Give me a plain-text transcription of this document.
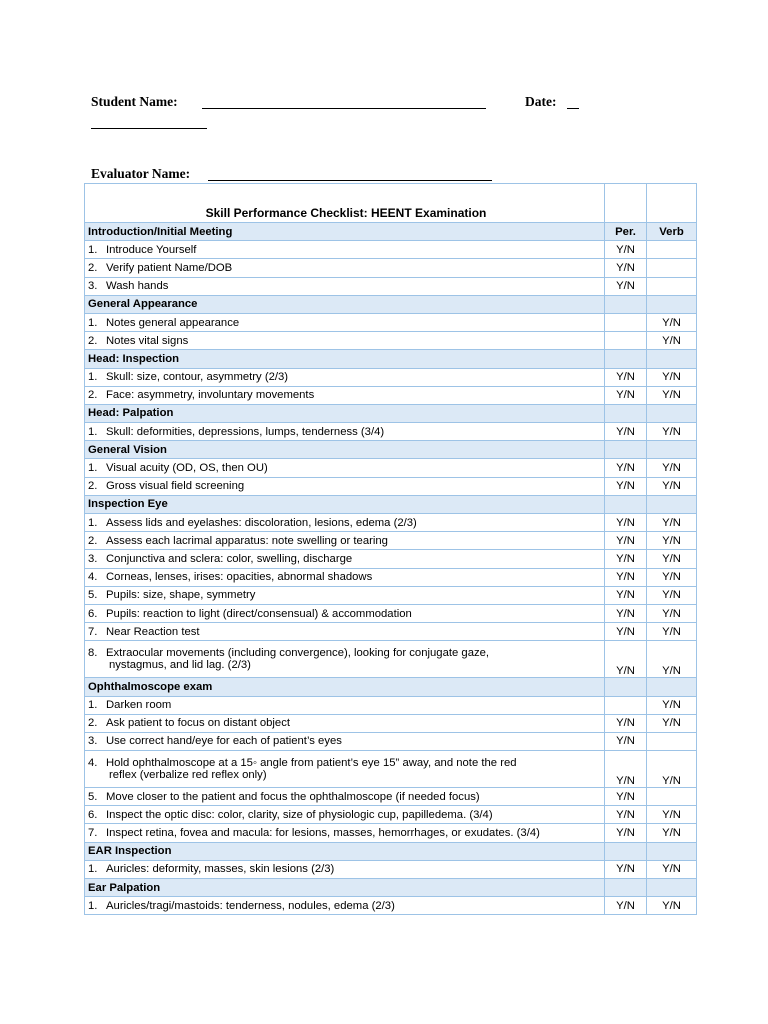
Student Name:	Date:
Evaluator Name:
Skill Performance Checklist: HEENT Examination		
Introduction/Initial Meeting	Per.	Verb
1. Introduce Yourself	Y/N	
2. Verify patient Name/DOB	Y/N	
3. Wash hands	Y/N	
General Appearance		
1. Notes general appearance		Y/N
2. Notes vital signs		Y/N
Head: Inspection		
1. Skull: size, contour, asymmetry (2/3)	Y/N	Y/N
2. Face: asymmetry, involuntary movements	Y/N	Y/N
Head: Palpation		
1. Skull: deformities, depressions, lumps, tenderness (3/4)	Y/N	Y/N
General Vision		
1. Visual acuity (OD, OS, then OU)	Y/N	Y/N
2. Gross visual field screening	Y/N	Y/N
Inspection Eye		
1. Assess lids and eyelashes: discoloration, lesions, edema (2/3)	Y/N	Y/N
2. Assess each lacrimal apparatus: note swelling or tearing	Y/N	Y/N
3. Conjunctiva and sclera: color, swelling, discharge	Y/N	Y/N
4. Corneas, lenses, irises: opacities, abnormal shadows	Y/N	Y/N
5. Pupils: size, shape, symmetry	Y/N	Y/N
6. Pupils: reaction to light (direct/consensual) & accommodation	Y/N	Y/N
7. Near Reaction test	Y/N	Y/N
8. Extraocular movements (including convergence), looking for conjugate gaze,
nystagmus, and lid lag. (2/3)	Y/N	Y/N
Ophthalmoscope exam		
1. Darken room		Y/N
2. Ask patient to focus on distant object	Y/N	Y/N
3. Use correct hand/eye for each of patient’s eyes	Y/N	
4. Hold ophthalmoscope at a 15◦ angle from patient’s eye 15” away, and note the red
reflex (verbalize red reflex only)	Y/N	Y/N
5. Move closer to the patient and focus the ophthalmoscope (if needed focus)	Y/N	
6. Inspect the optic disc: color, clarity, size of physiologic cup, papilledema. (3/4)	Y/N	Y/N
7. Inspect retina, fovea and macula: for lesions, masses, hemorrhages, or exudates. (3/4)	Y/N	Y/N
EAR Inspection		
1. Auricles: deformity, masses, skin lesions (2/3)	Y/N	Y/N
Ear Palpation		
1. Auricles/tragi/mastoids: tenderness, nodules, edema (2/3)	Y/N	Y/N
